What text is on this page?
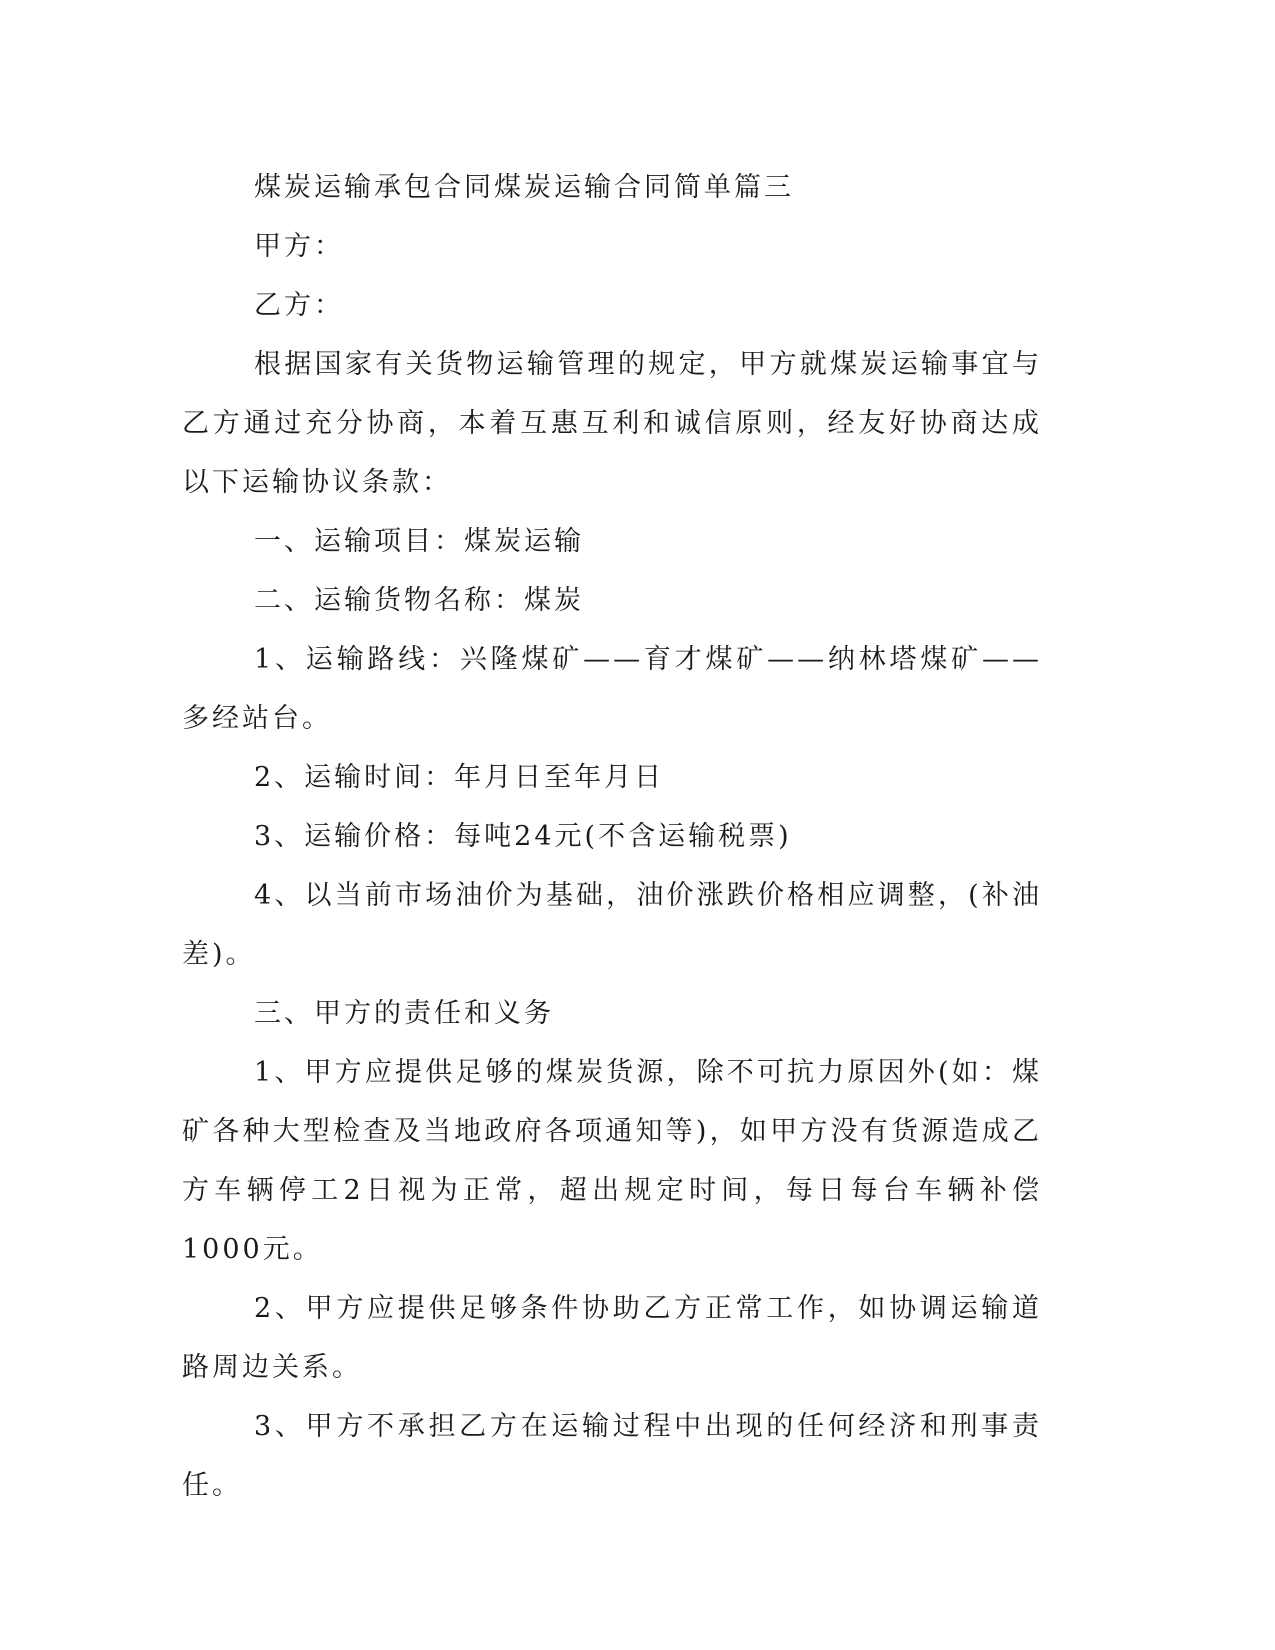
煤炭运输承包合同煤炭运输合同简单篇三

甲方：

乙方：

根据国家有关货物运输管理的规定，甲方就煤炭运输事宜与乙方通过充分协商，本着互惠互利和诚信原则，经友好协商达成以下运输协议条款：

一、运输项目：煤炭运输

二、运输货物名称：煤炭

1、运输路线：兴隆煤矿——育才煤矿——纳林塔煤矿——多经站台。

2、运输时间：年月日至年月日

3、运输价格：每吨24元(不含运输税票)

4、以当前市场油价为基础，油价涨跌价格相应调整，(补油差)。

三、甲方的责任和义务

1、甲方应提供足够的煤炭货源，除不可抗力原因外(如：煤矿各种大型检查及当地政府各项通知等)，如甲方没有货源造成乙方车辆停工2日视为正常，超出规定时间，每日每台车辆补偿1000元。

2、甲方应提供足够条件协助乙方正常工作，如协调运输道路周边关系。

3、甲方不承担乙方在运输过程中出现的任何经济和刑事责任。
